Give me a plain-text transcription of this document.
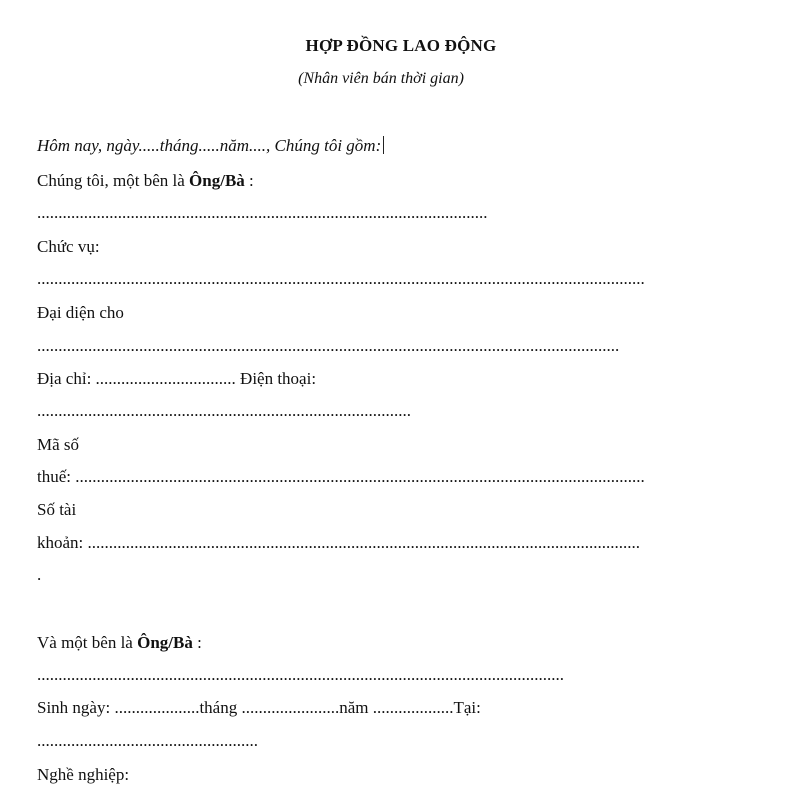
HỢP ĐỒNG LAO ĐỘNG
(Nhân viên bán thời gian)
Hôm nay, ngày.....tháng.....năm...., Chúng tôi gồm:
Chúng tôi, một bên là Ông/Bà :
..........................................................................................................
Chức vụ:
...............................................................................................................................................
Đại diện cho
.........................................................................................................................................
Địa chỉ: ................................. Điện thoại:
........................................................................................
Mã số
thuế: ......................................................................................................................................
Số tài
khoản: ..................................................................................................................................
.
Và một bên là Ông/Bà :
............................................................................................................................
Sinh ngày: ....................tháng .......................năm ...................Tại:
....................................................
Nghề nghiệp:
